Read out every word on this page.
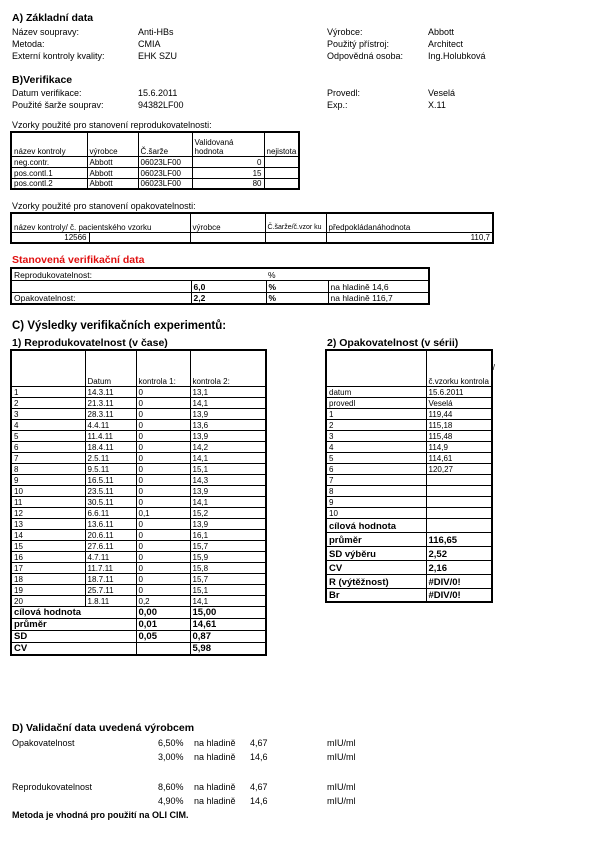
A) Základní data
Název soupravy:	Anti-HBs	Výrobce:	Abbott
Metoda:	CMIA	Použitý přístroj:	Architect
Externí kontroly kvality:	EHK SZU	Odpovědná osoba:	Ing.Holubková
B)Verifikace
Datum verifikace:	15.6.2011	Provedl:	Veselá
Použité šarže souprav:	94382LF00	Exp.:	X.11
Vzorky použité pro stanovení reprodukovatelnosti:
název kontroly	výrobce	Č.šarže	Validovaná hodnota	nejistota
neg.contr.	Abbott	06023LF00	0	
pos.contl.1	Abbott	06023LF00	15	
pos.contl.2	Abbott	06023LF00	80	
Vzorky použité pro stanovení opakovatelnosti:
název kontroly/ č. pacientského vzorku		výrobce	Č.šarže/č.vzor ku	předpokládanáhodnota
12566				110,7
Stanovená verifikační data
Reprodukovatelnost:		%	
	6,0	%	na hladině 14,6
Opakovatelnost:	2,2	%	na hladině 116,7
C) Výsledky verifikačních experimentů:
1) Reprodukovatelnost (v čase)	2) Opakovatelnost (v sérii)
	Datum	kontrola 1:	kontrola 2:
1	14.3.11	0	13,1
2	21.3.11	0	14,1
3	28.3.11	0	13,9
4	4.4.11	0	13,6
5	11.4.11	0	13,9
6	18.4.11	0	14,2
7	2.5.11	0	14,1
8	9.5.11	0	15,1
9	16.5.11	0	14,3
10	23.5.11	0	13,9
11	30.5.11	0	14,1
12	6.6.11	0,1	15,2
13	13.6.11	0	13,9
14	20.6.11	0	16,1
15	27.6.11	0	15,7
16	4.7.11	0	15,9
17	11.7.11	0	15,8
18	18.7.11	0	15,7
19	25.7.11	0	15,1
20	1.8.11	0,2	14,1
cílová hodnota		0,00	15,00
průměr		0,01	14,61
SD		0,05	0,87
CV			5,98
	č.vzorku kontrola
/

datum	15.6.2011
provedl	Veselá
1	119,44
2	115,18
3	115,48
4	114,9
5	114,61
6	120,27
7	
8	
9	
10	
cílová hodnota	
průměr	116,65
SD výběru	2,52
CV	2,16
R (výtěžnost)	#DIV/0!
Br	#DIV/0!
D) Validační data uvedená výrobcem
Opakovatelnost	6,50% na hladině 4,67	mIU/ml
3,00% na hladině 14,6	mIU/ml
Reprodukovatelnost	8,60% na hladině 4,67	mIU/ml
4,90% na hladině 14,6	mIU/ml
Metoda je vhodná pro použití na OLI CIM.
